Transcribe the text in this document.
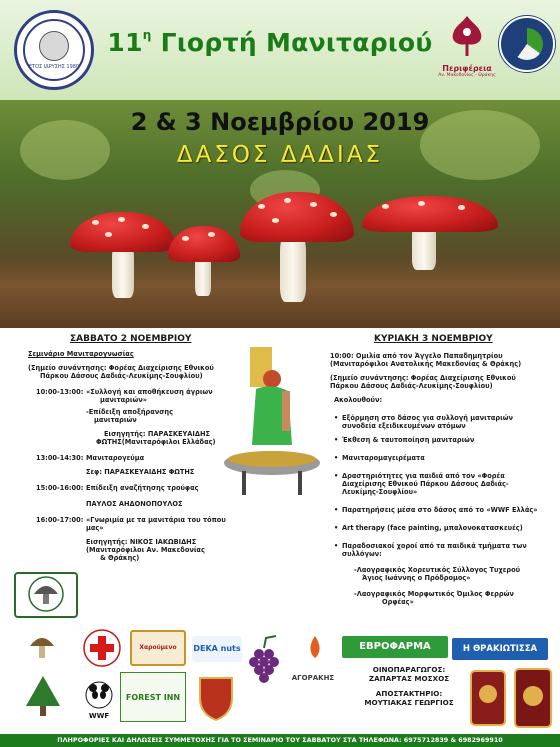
ΕΤΟΣ ΙΔΡΥΣΗΣ 1980
$11^\eta$ Γιορτή Μανιταριού
Περιφέρεια
Αν. Μακεδονίας - Θράκης
2 & 3 Νοεμβρίου 2019
ΔΑΣΟΣ ΔΑΔΙΑΣ
ΣΑΒΒΑΤΟ 2 ΝΟΕΜΒΡΙΟΥ
Σεμινάριο Μανιταρογνωσίας
(Σημείο συνάντησης: Φορέας Διαχείρισης Εθνικού
Πάρκου Δάσους Δαδιάς-Λευκίμης-Σουφλίου)
10:00-13:00: «Συλλογή και αποθήκευση άγριων
μανιταριών»
-Επίδειξη αποξήρανσης
μανιταριών
Εισηγητής: ΠΑΡΑΣΚΕΥΑΙΔΗΣ
ΦΩΤΗΣ(Μανιταρόφιλοι Ελλάδας)
13:00-14:30: Μανιταρογεύμα
Σεφ: ΠΑΡΑΣΚΕΥΑΙΔΗΣ ΦΩΤΗΣ
15:00-16:00: Επίδειξη αναζήτησης τρούφας
ΠΑΥΛΟΣ ΑΗΔΟΝΟΠΟΥΛΟΣ
16:00-17:00: «Γνωριμία με τα μανιτάρια του τόπου
μας»
Εισηγητής: ΝΙΚΟΣ ΙΑΚΩΒΙΔΗΣ
(Μανιταρόφιλοι Αν. Μακεδονίας
& Θράκης)
ΚΥΡΙΑΚΗ 3 ΝΟΕΜΒΡΙΟΥ
10:00: Ομιλία από τον Άγγελο Παπαδημητρίου
(Μανιταρόφιλοι Ανατολικής Μακεδονίας & Θράκης)
(Σημείο συνάντησης: Φορέας Διαχείρισης Εθνικού
Πάρκου Δάσους Δαδιάς-Λευκίμης-Σουφλίου)
Ακολουθούν:
• Εξόρμηση στο δάσος για συλλογή μανιταριών
συνοδεία εξειδικευμένων ατόμων
• Έκθεση & ταυτοποίηση μανιταριών
• Μανιταρομαγειρέματα
• Δραστηριότητες για παιδιά από τον «Φορέα
Διαχείρισης Εθνικού Πάρκου Δάσους Δαδιάς-
Λευκίμης-Σουφλίου»
• Παρατηρήσεις μέσα στο δάσος από το «WWF Ελλάς»
• Art therapy (face painting, μπαλονοκατασκευές)
• Παραδοσιακοί χοροί από τα παιδικά τμήματα των
συλλόγων:
-Λαογραφικός Χορευτικός Σύλλογος Τυχερού
Άγιος Ιωάννης ο Πρόδρομος»
-Λαογραφικός Μορφωτικός Όμιλος Φερρών
Ορφέας»
Χαρούμενο	DEKA nuts	ΕΒΡΟΦΑΡΜΑ	Η ΘΡΑΚΙΩΤΙΣΣΑ
WWF
FOREST INN
ΑΓΟΡΑΚΗΣ
ΟΙΝΟΠΑΡΑΓΩΓΟΣ:
ΖΑΠΑΡΤΑΣ ΜΟΣΧΟΣ
ΑΠΟΣΤΑΚΤΗΡΙΟ:
ΜΟΥΤΙΑΚΑΣ ΓΕΩΡΓΙΟΣ
ΠΛΗΡΟΦΟΡΙΕΣ ΚΑΙ ΔΗΛΩΣΕΙΣ ΣΥΜΜΕΤΟΧΗΣ ΓΙΑ ΤΟ ΣΕΜΙΝΑΡΙΟ ΤΟΥ ΣΑΒΒΑΤΟΥ ΣΤΑ ΤΗΛΕΦΩΝΑ: 6975712839 & 6982969910
